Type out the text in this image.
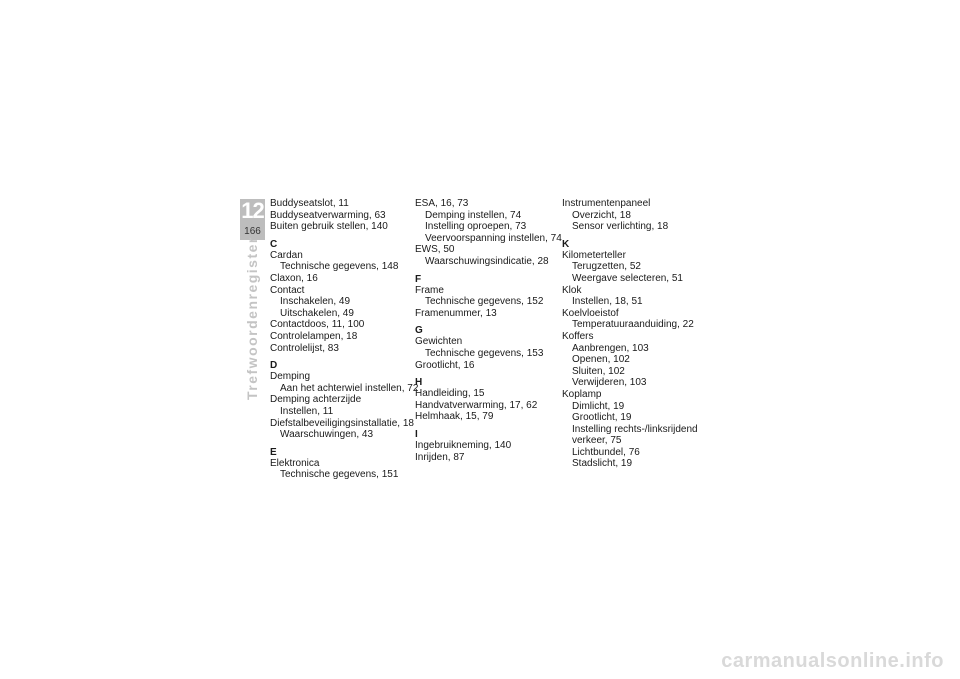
12
166
Trefwoordenregister
Buddyseatslot, 11
Buddyseatverwarming, 63
Buiten gebruik stellen, 140
C
Cardan
Technische gegevens, 148
Claxon, 16
Contact
Inschakelen, 49
Uitschakelen, 49
Contactdoos, 11, 100
Controlelampen, 18
Controlelijst, 83
D
Demping
Aan het achterwiel instellen, 72
Demping achterzijde
Instellen, 11
Diefstalbeveiligingsinstallatie, 18
Waarschuwingen, 43
E
Elektronica
Technische gegevens, 151
ESA, 16, 73
Demping instellen, 74
Instelling oproepen, 73
Veervoorspanning instellen, 74
EWS, 50
Waarschuwingsindicatie, 28
F
Frame
Technische gegevens, 152
Framenummer, 13
G
Gewichten
Technische gegevens, 153
Grootlicht, 16
H
Handleiding, 15
Handvatverwarming, 17, 62
Helmhaak, 15, 79
I
Ingebruikneming, 140
Inrijden, 87
Instrumentenpaneel
Overzicht, 18
Sensor verlichting, 18
K
Kilometerteller
Terugzetten, 52
Weergave selecteren, 51
Klok
Instellen, 18, 51
Koelvloeistof
Temperatuuraanduiding, 22
Koffers
Aanbrengen, 103
Openen, 102
Sluiten, 102
Verwijderen, 103
Koplamp
Dimlicht, 19
Grootlicht, 19
Instelling rechts-/linksrijdend
verkeer, 75
Lichtbundel, 76
Stadslicht, 19
carmanualsonline.info
